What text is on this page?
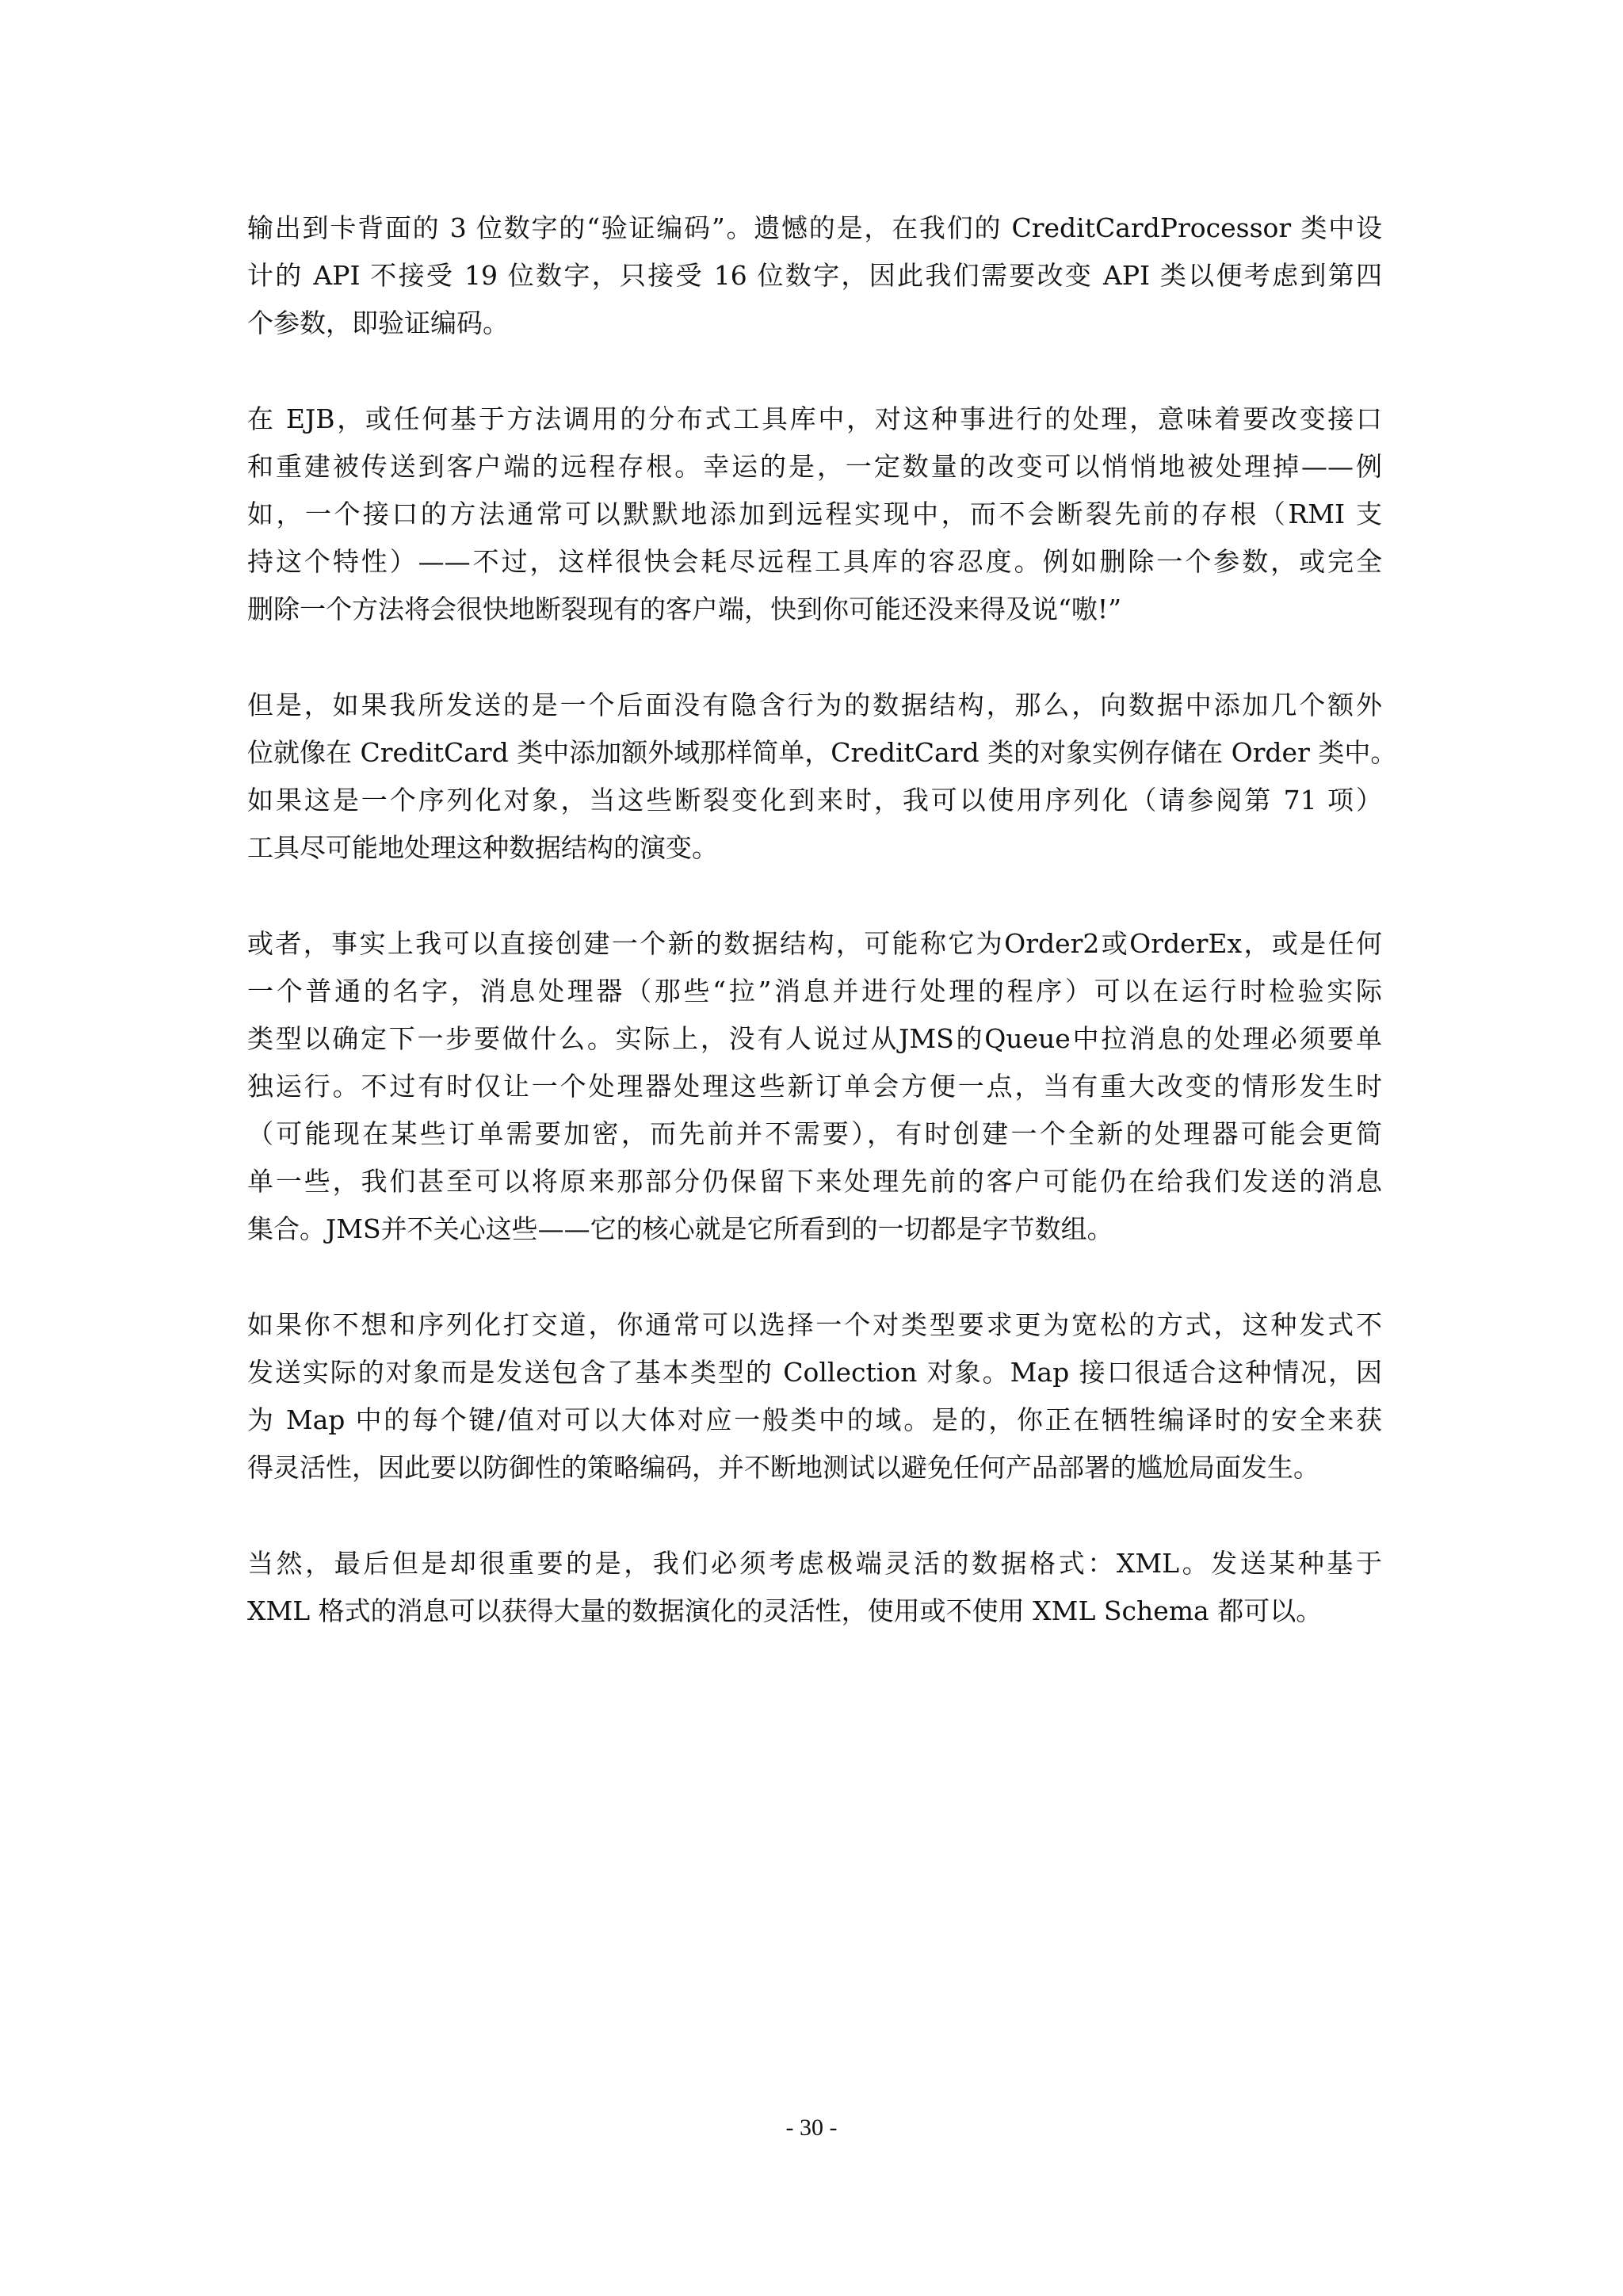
输出到卡背面的 3 位数字的“验证编码”。遗憾的是，在我们的 CreditCardProcessor 类中设
计的 API 不接受 19 位数字，只接受 16 位数字，因此我们需要改变 API 类以便考虑到第四
个参数，即验证编码。

在 EJB，或任何基于方法调用的分布式工具库中，对这种事进行的处理，意味着要改变接口
和重建被传送到客户端的远程存根。幸运的是，一定数量的改变可以悄悄地被处理掉——例
如，一个接口的方法通常可以默默地添加到远程实现中，而不会断裂先前的存根（RMI 支
持这个特性）——不过，这样很快会耗尽远程工具库的容忍度。例如删除一个参数，或完全
删除一个方法将会很快地断裂现有的客户端，快到你可能还没来得及说“嗷!”

但是，如果我所发送的是一个后面没有隐含行为的数据结构，那么，向数据中添加几个额外
位就像在 CreditCard 类中添加额外域那样简单，CreditCard 类的对象实例存储在 Order 类中。
如果这是一个序列化对象，当这些断裂变化到来时，我可以使用序列化（请参阅第 71 项）
工具尽可能地处理这种数据结构的演变。

或者，事实上我可以直接创建一个新的数据结构，可能称它为Order2或OrderEx，或是任何
一个普通的名字，消息处理器（那些“拉”消息并进行处理的程序）可以在运行时检验实际
类型以确定下一步要做什么。实际上，没有人说过从JMS的Queue中拉消息的处理必须要单
独运行。不过有时仅让一个处理器处理这些新订单会方便一点，当有重大改变的情形发生时
（可能现在某些订单需要加密，而先前并不需要），有时创建一个全新的处理器可能会更简
单一些，我们甚至可以将原来那部分仍保留下来处理先前的客户可能仍在给我们发送的消息
集合。JMS并不关心这些——它的核心就是它所看到的一切都是字节数组。

如果你不想和序列化打交道，你通常可以选择一个对类型要求更为宽松的方式，这种发式不
发送实际的对象而是发送包含了基本类型的 Collection 对象。Map 接口很适合这种情况，因
为 Map 中的每个键/值对可以大体对应一般类中的域。是的，你正在牺牲编译时的安全来获
得灵活性，因此要以防御性的策略编码，并不断地测试以避免任何产品部署的尴尬局面发生。

当然，最后但是却很重要的是，我们必须考虑极端灵活的数据格式：XML。发送某种基于
XML 格式的消息可以获得大量的数据演化的灵活性，使用或不使用 XML Schema 都可以。

- 30 -
